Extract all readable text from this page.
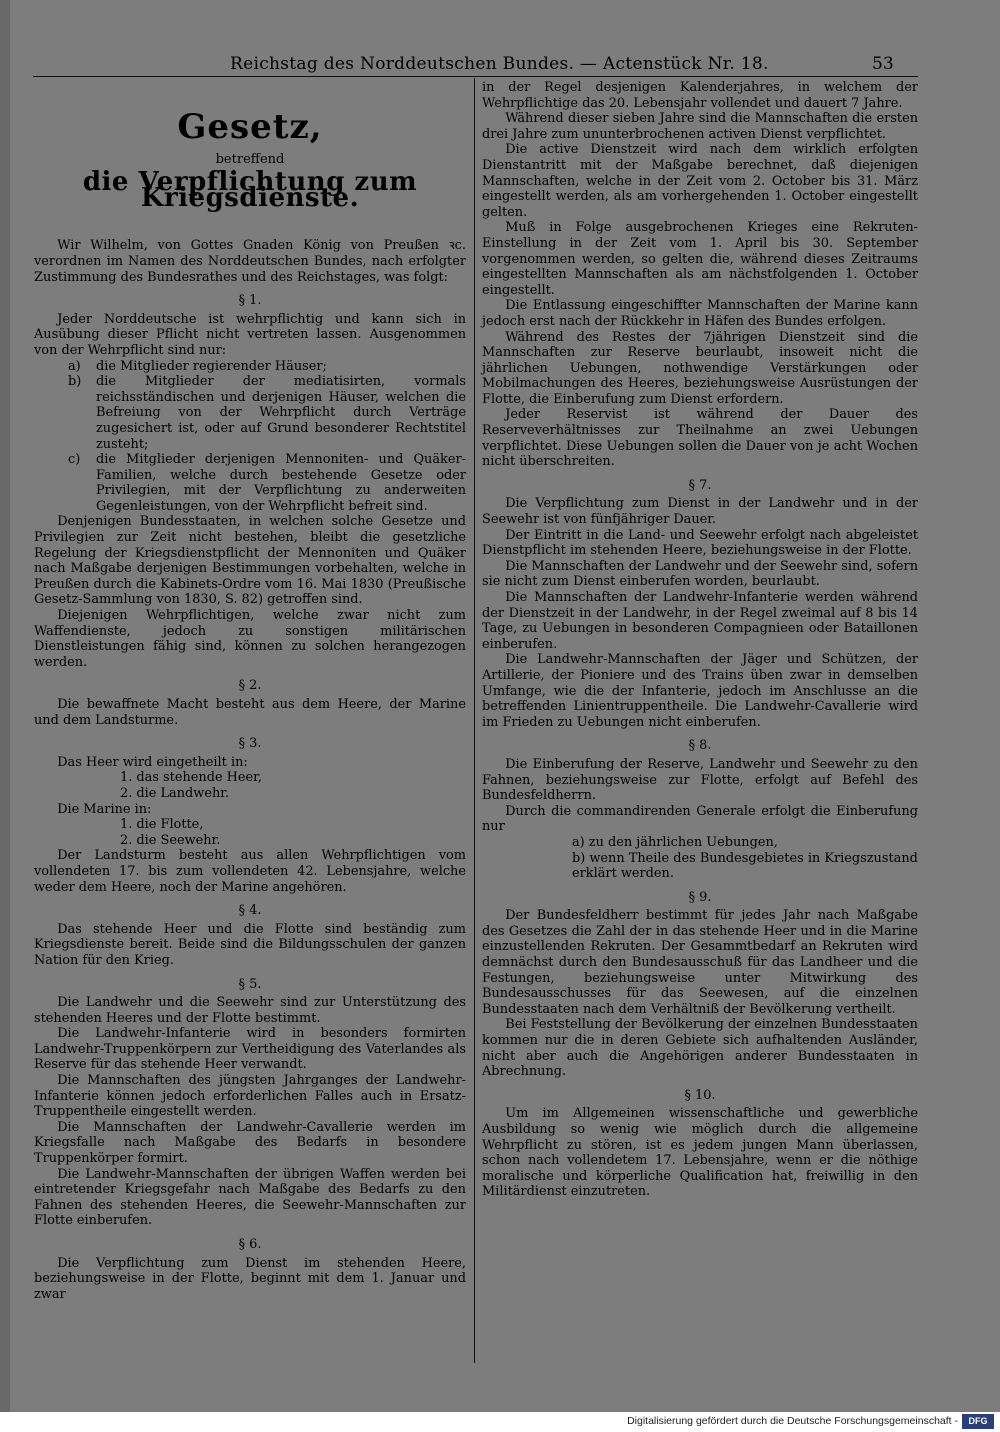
Reichstag des Norddeutschen Bundes. — Actenstück Nr. 18.	53
Gesetz,
betreffend
die Verpflichtung zum Kriegsdienste.

Wir Wilhelm, von Gottes Gnaden König von Preußen ꝛc. verordnen im Namen des Norddeutschen Bundes, nach erfolgter Zustimmung des Bundesrathes und des Reichstages, was folgt:

§ 1.

Jeder Norddeutsche ist wehrpflichtig und kann sich in Ausübung dieser Pflicht nicht vertreten lassen. Ausgenommen von der Wehrpflicht sind nur:

a) die Mitglieder regierender Häuser;
b) die Mitglieder der mediatisirten, vormals reichsständischen und derjenigen Häuser, welchen die Befreiung von der Wehrpflicht durch Verträge zugesichert ist, oder auf Grund besonderer Rechtstitel zusteht;
c) die Mitglieder derjenigen Mennoniten- und Quäker-Familien, welche durch bestehende Gesetze oder Privilegien, mit der Verpflichtung zu anderweiten Gegenleistungen, von der Wehrpflicht befreit sind.

Denjenigen Bundesstaaten, in welchen solche Gesetze und Privilegien zur Zeit nicht bestehen, bleibt die gesetzliche Regelung der Kriegsdienstpflicht der Mennoniten und Quäker nach Maßgabe derjenigen Bestimmungen vorbehalten, welche in Preußen durch die Kabinets-Ordre vom 16. Mai 1830 (Preußische Gesetz-Sammlung von 1830, S. 82) getroffen sind.

Diejenigen Wehrpflichtigen, welche zwar nicht zum Waffendienste, jedoch zu sonstigen militärischen Dienstleistungen fähig sind, können zu solchen herangezogen werden.

§ 2.

Die bewaffnete Macht besteht aus dem Heere, der Marine und dem Landsturme.

§ 3.

Das Heer wird eingetheilt in:

1. das stehende Heer,
2. die Landwehr.

Die Marine in:

1. die Flotte,
2. die Seewehr.

Der Landsturm besteht aus allen Wehrpflichtigen vom vollendeten 17. bis zum vollendeten 42. Lebensjahre, welche weder dem Heere, noch der Marine angehören.

§ 4.

Das stehende Heer und die Flotte sind beständig zum Kriegsdienste bereit. Beide sind die Bildungsschulen der ganzen Nation für den Krieg.

§ 5.

Die Landwehr und die Seewehr sind zur Unterstützung des stehenden Heeres und der Flotte bestimmt.

Die Landwehr-Infanterie wird in besonders formirten Landwehr-Truppenkörpern zur Vertheidigung des Vaterlandes als Reserve für das stehende Heer verwandt.

Die Mannschaften des jüngsten Jahrganges der Landwehr-Infanterie können jedoch erforderlichen Falles auch in Ersatz-Truppentheile eingestellt werden.

Die Mannschaften der Landwehr-Cavallerie werden im Kriegsfalle nach Maßgabe des Bedarfs in besondere Truppenkörper formirt.

Die Landwehr-Mannschaften der übrigen Waffen werden bei eintretender Kriegsgefahr nach Maßgabe des Bedarfs zu den Fahnen des stehenden Heeres, die Seewehr-Mannschaften zur Flotte einberufen.

§ 6.

Die Verpflichtung zum Dienst im stehenden Heere, beziehungsweise in der Flotte, beginnt mit dem 1. Januar und zwar

in der Regel desjenigen Kalenderjahres, in welchem der Wehrpflichtige das 20. Lebensjahr vollendet und dauert 7 Jahre.

Während dieser sieben Jahre sind die Mannschaften die ersten drei Jahre zum ununterbrochenen activen Dienst verpflichtet.

Die active Dienstzeit wird nach dem wirklich erfolgten Dienstantritt mit der Maßgabe berechnet, daß diejenigen Mannschaften, welche in der Zeit vom 2. October bis 31. März eingestellt werden, als am vorhergehenden 1. October eingestellt gelten.

Muß in Folge ausgebrochenen Krieges eine Rekruten-Einstellung in der Zeit vom 1. April bis 30. September vorgenommen werden, so gelten die, während dieses Zeitraums eingestellten Mannschaften als am nächstfolgenden 1. October eingestellt.

Die Entlassung eingeschiffter Mannschaften der Marine kann jedoch erst nach der Rückkehr in Häfen des Bundes erfolgen.

Während des Restes der 7jährigen Dienstzeit sind die Mannschaften zur Reserve beurlaubt, insoweit nicht die jährlichen Uebungen, nothwendige Verstärkungen oder Mobilmachungen des Heeres, beziehungsweise Ausrüstungen der Flotte, die Einberufung zum Dienst erfordern.

Jeder Reservist ist während der Dauer des Reserveverhältnisses zur Theilnahme an zwei Uebungen verpflichtet. Diese Uebungen sollen die Dauer von je acht Wochen nicht überschreiten.

§ 7.

Die Verpflichtung zum Dienst in der Landwehr und in der Seewehr ist von fünfjähriger Dauer.

Der Eintritt in die Land- und Seewehr erfolgt nach abgeleistet Dienstpflicht im stehenden Heere, beziehungsweise in der Flotte.

Die Mannschaften der Landwehr und der Seewehr sind, sofern sie nicht zum Dienst einberufen worden, beurlaubt.

Die Mannschaften der Landwehr-Infanterie werden während der Dienstzeit in der Landwehr, in der Regel zweimal auf 8 bis 14 Tage, zu Uebungen in besonderen Compagnieen oder Bataillonen einberufen.

Die Landwehr-Mannschaften der Jäger und Schützen, der Artillerie, der Pioniere und des Trains üben zwar in demselben Umfange, wie die der Infanterie, jedoch im Anschlusse an die betreffenden Linientruppentheile. Die Landwehr-Cavallerie wird im Frieden zu Uebungen nicht einberufen.

§ 8.

Die Einberufung der Reserve, Landwehr und Seewehr zu den Fahnen, beziehungsweise zur Flotte, erfolgt auf Befehl des Bundesfeldherrn.

Durch die commandirenden Generale erfolgt die Einberufung nur

a) zu den jährlichen Uebungen,
b) wenn Theile des Bundesgebietes in Kriegszustand erklärt werden.
§ 9.

Der Bundesfeldherr bestimmt für jedes Jahr nach Maßgabe des Gesetzes die Zahl der in das stehende Heer und in die Marine einzustellenden Rekruten. Der Gesammtbedarf an Rekruten wird demnächst durch den Bundesausschuß für das Landheer und die Festungen, beziehungsweise unter Mitwirkung des Bundesausschusses für das Seewesen, auf die einzelnen Bundesstaaten nach dem Verhältniß der Bevölkerung vertheilt.

Bei Feststellung der Bevölkerung der einzelnen Bundesstaaten kommen nur die in deren Gebiete sich aufhaltenden Ausländer, nicht aber auch die Angehörigen anderer Bundesstaaten in Abrechnung.

§ 10.

Um im Allgemeinen wissenschaftliche und gewerbliche Ausbildung so wenig wie möglich durch die allgemeine Wehrpflicht zu stören, ist es jedem jungen Mann überlassen, schon nach vollendetem 17. Lebensjahre, wenn er die nöthige moralische und körperliche Qualification hat, freiwillig in den Militärdienst einzutreten.

Digitalisierung gefördert durch die Deutsche Forschungsgemeinschaft -	DFG
